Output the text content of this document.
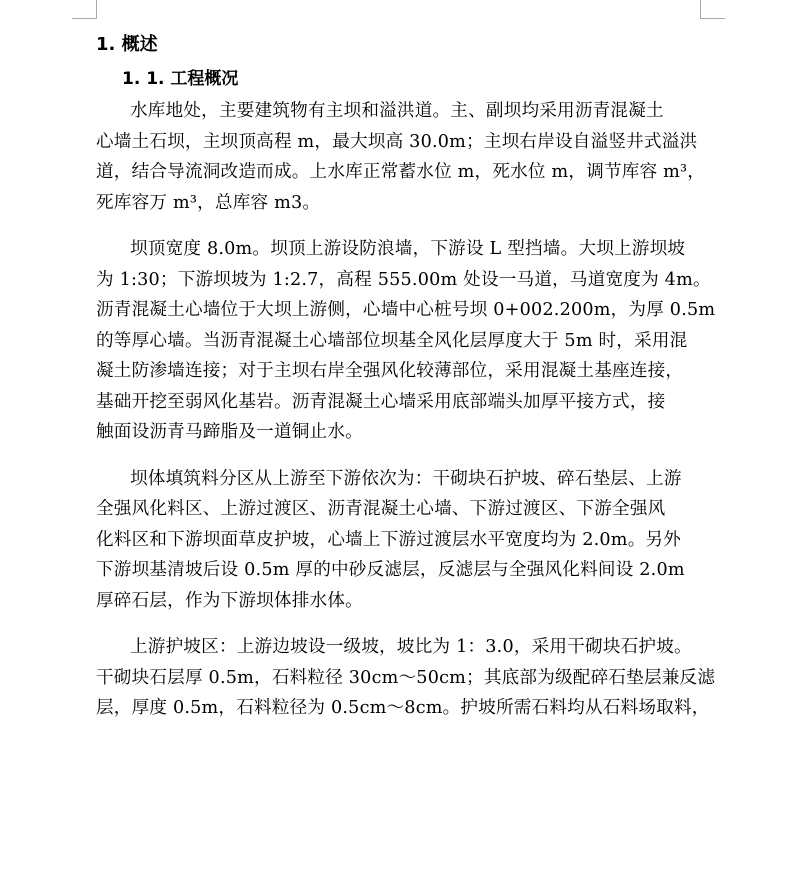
1. 概述
1. 1. 工程概况
水库地处，主要建筑物有主坝和溢洪道。主、副坝均采用沥青混凝土
心墙土石坝，主坝顶高程 m，最大坝高 30.0m；主坝右岸设自溢竖井式溢洪
道，结合导流洞改造而成。上水库正常蓄水位 m，死水位 m，调节库容 m³，
死库容万 m³，总库容 m3。
坝顶宽度 8.0m。坝顶上游设防浪墙，下游设 L 型挡墙。大坝上游坝坡
为 1:30；下游坝坡为 1:2.7，高程 555.00m 处设一马道，马道宽度为 4m。
沥青混凝土心墙位于大坝上游侧，心墙中心桩号坝 0+002.200m，为厚 0.5m
的等厚心墙。当沥青混凝土心墙部位坝基全风化层厚度大于 5m 时，采用混
凝土防渗墙连接；对于主坝右岸全强风化较薄部位，采用混凝土基座连接，
基础开挖至弱风化基岩。沥青混凝土心墙采用底部端头加厚平接方式，接
触面设沥青马蹄脂及一道铜止水。
坝体填筑料分区从上游至下游依次为：干砌块石护坡、碎石垫层、上游
全强风化料区、上游过渡区、沥青混凝土心墙、下游过渡区、下游全强风
化料区和下游坝面草皮护坡，心墙上下游过渡层水平宽度均为 2.0m。另外
下游坝基清坡后设 0.5m 厚的中砂反滤层，反滤层与全强风化料间设 2.0m
厚碎石层，作为下游坝体排水体。
上游护坡区：上游边坡设一级坡，坡比为 1：3.0，采用干砌块石护坡。
干砌块石层厚 0.5m，石料粒径 30cm～50cm；其底部为级配碎石垫层兼反滤
层，厚度 0.5m，石料粒径为 0.5cm～8cm。护坡所需石料均从石料场取料，
